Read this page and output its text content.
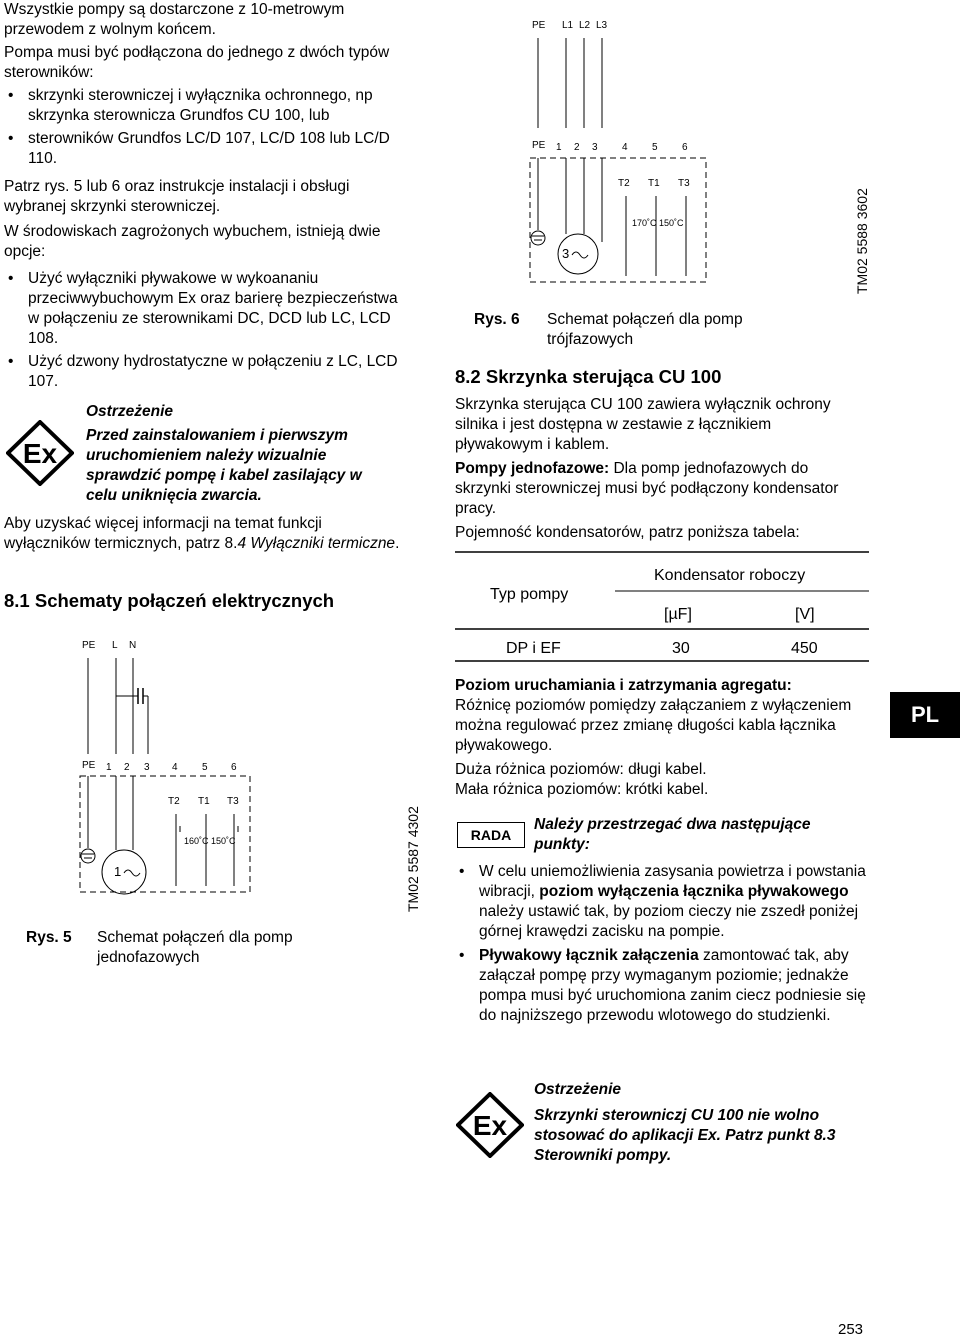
Wszystkie pompy są dostarczone z 10-metrowym przewodem z wolnym końcem.

Pompa musi być podłączona do jednego z dwóch typów sterowników:

• skrzynki sterowniczej i wyłącznika ochronnego, np skrzynka sterownicza Grundfos CU 100, lub
• sterowników Grundfos LC/D 107, LC/D 108 lub LC/D 110.

Patrz rys. 5 lub 6 oraz instrukcje instalacji i obsługi wybranej skrzynki sterowniczej.

W środowiskach zagrożonych wybuchem, istnieją dwie opcje:

• Użyć wyłączniki pływakowe w wykoananiu przeciwwybuchowym Ex oraz barierę bezpieczeństwa w połączeniu ze sterownikami DC, DCD lub LC, LCD 108.
• Użyć dzwony hydrostatyczne w połączeniu z LC, LCD 107.
Ex

Ostrzeżenie

Przed zainstalowaniem i pierwszym uruchomieniem należy wizualnie sprawdzić pompę i kabel zasilający w celu uniknięcia zwarcia.

Aby uzyskać więcej informacji na temat funkcji wyłączników termicznych, patrz 8.4 Wyłączniki termiczne.
8.1 Schematy połączeń elektrycznych
PE L N
PE 1 2 3 4 5 6
T2 T1 T3
160˚C 150˚C
1
Rys. 5 Schemat połączeń dla pomp jednofazowych
TM02 5587 4302
PE L1 L2 L3
PE 1 2 3 4 5 6
T2 T1 T3
170˚C 150˚C
3
Rys. 6 Schemat połączeń dla pomp trójfazowych
TM02 5588 3602
8.2 Skrzynka sterująca CU 100

Skrzynka sterująca CU 100 zawiera wyłącznik ochrony silnika i jest dostępna w zestawie z łącznikiem pływakowym i kablem.

Pompy jednofazowe: Dla pomp jednofazowych do skrzynki sterowniczej musi być podłączony kondensator pracy.

Pojemność kondensatorów, patrz poniższa tabela:

Typ pompy
Kondensator roboczy
[µF]	[V]
DP i EF	30	450

Poziom uruchamiania i zatrzymania agregatu:

Różnicę poziomów pomiędzy załączaniem z wyłączeniem można regulować przez zmianę długości kabla łącznika pływakowego.

Duża różnica poziomów: długi kabel.

Mała różnica poziomów: krótki kabel.

PL
RADA
Należy przestrzegać dwa następujące punkty:
• W celu uniemożliwienia zasysania powietrza i powstania wibracji, poziom wyłączenia łącznika pływakowego należy ustawić tak, by poziom cieczy nie zszedł poniżej górnej krawędzi zacisku na pompie.
• Pływakowy łącznik załączenia zamontować tak, aby załączał pompę przy wymaganym poziomie; jednakże pompa musi być uruchomiona zanim ciecz podniesie się do najniższego przewodu wlotowego do studzienki.
Ex

Ostrzeżenie

Skrzynki sterowniczj CU 100 nie wolno stosować do aplikacji Ex. Patrz punkt 8.3 Sterowniki pompy.

253
